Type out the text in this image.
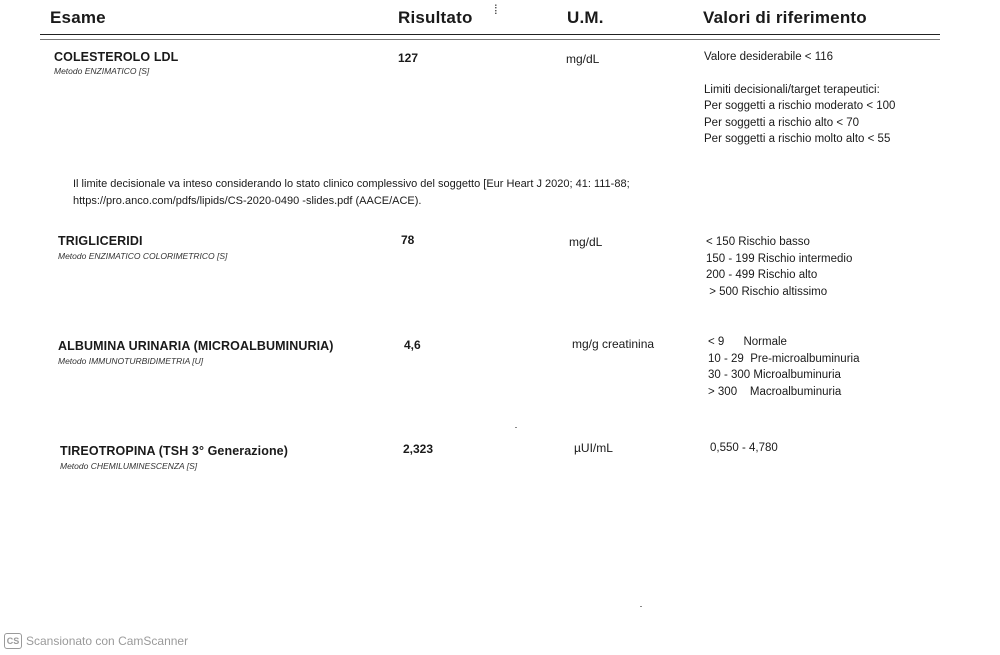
Esame	Risultato	U.M.	Valori di riferimento
⁞
COLESTEROLO LDL
Metodo ENZIMATICO [S]
127	mg/dL	Valore desiderabile < 116
Limiti decisionali/target terapeutici:
Per soggetti a rischio moderato < 100
Per soggetti a rischio alto < 70
Per soggetti a rischio molto alto < 55
Il limite decisionale va inteso considerando lo stato clinico complessivo del soggetto [Eur Heart J 2020; 41: 111-88;
https://pro.anco.com/pdfs/lipids/CS-2020-0490 -slides.pdf (AACE/ACE).
TRIGLICERIDI
Metodo ENZIMATICO COLORIMETRICO [S]
78	mg/dL	< 150 Rischio basso
150 - 199 Rischio intermedio
200 - 499 Rischio alto
> 500 Rischio altissimo
ALBUMINA URINARIA (MICROALBUMINURIA)
Metodo IMMUNOTURBIDIMETRIA [U]
4,6	mg/g creatinina	< 9      Normale
10 - 29  Pre-microalbuminuria
30 - 300 Microalbuminuria
> 300    Macroalbuminuria
TIREOTROPINA (TSH 3° Generazione)
Metodo CHEMILUMINESCENZA [S]
2,323	µUI/mL	0,550 - 4,780
CS Scansionato con CamScanner
